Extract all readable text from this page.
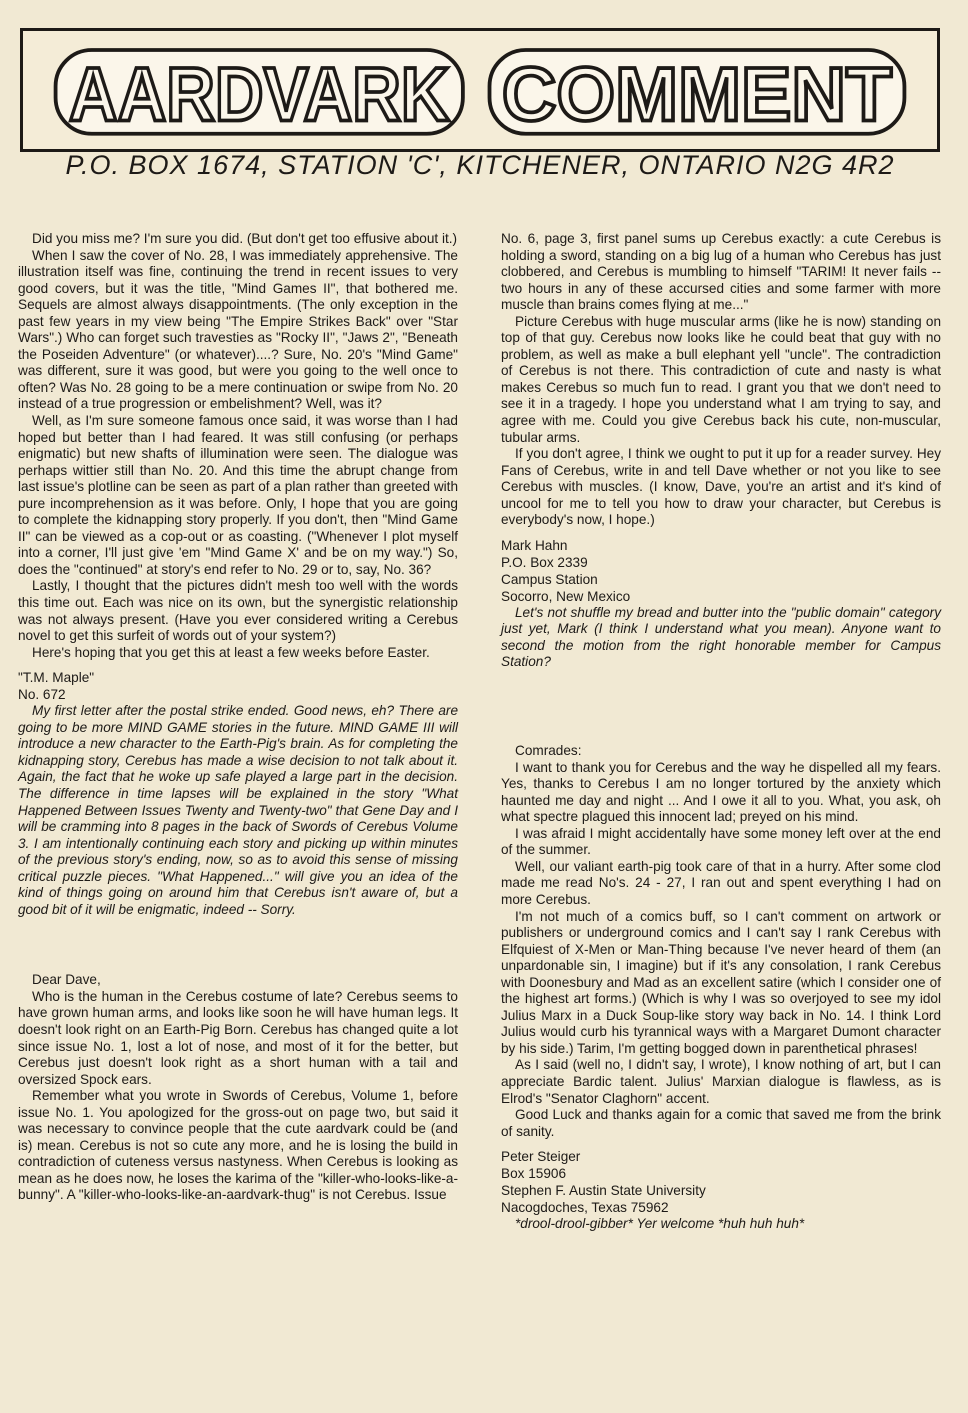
AARDVARK COMMENT
P.O. BOX 1674, STATION 'C', KITCHENER, ONTARIO N2G 4R2

Did you miss me? I'm sure you did. (But don't get too effusive about it.)

When I saw the cover of No. 28, I was immediately apprehensive. The illustration itself was fine, continuing the trend in recent issues to very good covers, but it was the title, "Mind Games II", that bothered me. Sequels are almost always disappointments. (The only exception in the past few years in my view being "The Empire Strikes Back" over "Star Wars".) Who can forget such travesties as "Rocky II", "Jaws 2", "Beneath the Poseiden Adventure" (or whatever)....? Sure, No. 20's "Mind Game" was different, sure it was good, but were you going to the well once to often? Was No. 28 going to be a mere continuation or swipe from No. 20 instead of a true progression or embelishment? Well, was it?

Well, as I'm sure someone famous once said, it was worse than I had hoped but better than I had feared. It was still confusing (or perhaps enigmatic) but new shafts of illumination were seen. The dialogue was perhaps wittier still than No. 20. And this time the abrupt change from last issue's plotline can be seen as part of a plan rather than greeted with pure incomprehension as it was before. Only, I hope that you are going to complete the kidnapping story properly. If you don't, then "Mind Game II" can be viewed as a cop-out or as coasting. ("Whenever I plot myself into a corner, I'll just give 'em "Mind Game X' and be on my way.") So, does the "continued" at story's end refer to No. 29 or to, say, No. 36?

Lastly, I thought that the pictures didn't mesh too well with the words this time out. Each was nice on its own, but the synergistic relationship was not always present. (Have you ever considered writing a Cerebus novel to get this surfeit of words out of your system?)

Here's hoping that you get this at least a few weeks before Easter.

"T.M. Maple"
No. 672

My first letter after the postal strike ended. Good news, eh? There are going to be more MIND GAME stories in the future. MIND GAME III will introduce a new character to the Earth-Pig's brain. As for completing the kidnapping story, Cerebus has made a wise decision to not talk about it. Again, the fact that he woke up safe played a large part in the decision. The difference in time lapses will be explained in the story "What Happened Between Issues Twenty and Twenty-two" that Gene Day and I will be cramming into 8 pages in the back of Swords of Cerebus Volume 3. I am intentionally continuing each story and picking up within minutes of the previous story's ending, now, so as to avoid this sense of missing critical puzzle pieces. "What Happened..." will give you an idea of the kind of things going on around him that Cerebus isn't aware of, but a good bit of it will be enigmatic, indeed -- Sorry.

Dear Dave,

Who is the human in the Cerebus costume of late? Cerebus seems to have grown human arms, and looks like soon he will have human legs. It doesn't look right on an Earth-Pig Born. Cerebus has changed quite a lot since issue No. 1, lost a lot of nose, and most of it for the better, but Cerebus just doesn't look right as a short human with a tail and oversized Spock ears.

Remember what you wrote in Swords of Cerebus, Volume 1, before issue No. 1. You apologized for the gross-out on page two, but said it was necessary to convince people that the cute aardvark could be (and is) mean. Cerebus is not so cute any more, and he is losing the build in contradiction of cuteness versus nastyness. When Cerebus is looking as mean as he does now, he loses the karima of the "killer-who-looks-like-a-bunny". A "killer-who-looks-like-an-aardvark-thug" is not Cerebus. Issue

No. 6, page 3, first panel sums up Cerebus exactly: a cute Cerebus is holding a sword, standing on a big lug of a human who Cerebus has just clobbered, and Cerebus is mumbling to himself "TARIM! It never fails -- two hours in any of these accursed cities and some farmer with more muscle than brains comes flying at me..."

Picture Cerebus with huge muscular arms (like he is now) standing on top of that guy. Cerebus now looks like he could beat that guy with no problem, as well as make a bull elephant yell "uncle". The contradiction of Cerebus is not there. This contradiction of cute and nasty is what makes Cerebus so much fun to read. I grant you that we don't need to see it in a tragedy. I hope you understand what I am trying to say, and agree with me. Could you give Cerebus back his cute, non-muscular, tubular arms.

If you don't agree, I think we ought to put it up for a reader survey. Hey Fans of Cerebus, write in and tell Dave whether or not you like to see Cerebus with muscles. (I know, Dave, you're an artist and it's kind of uncool for me to tell you how to draw your character, but Cerebus is everybody's now, I hope.)

Mark Hahn
P.O. Box 2339
Campus Station
Socorro, New Mexico

Let's not shuffle my bread and butter into the "public domain" category just yet, Mark (I think I understand what you mean). Anyone want to second the motion from the right honorable member for Campus Station?

Comrades:

I want to thank you for Cerebus and the way he dispelled all my fears. Yes, thanks to Cerebus I am no longer tortured by the anxiety which haunted me day and night ... And I owe it all to you. What, you ask, oh what spectre plagued this innocent lad; preyed on his mind.

I was afraid I might accidentally have some money left over at the end of the summer.

Well, our valiant earth-pig took care of that in a hurry. After some clod made me read No's. 24 - 27, I ran out and spent everything I had on more Cerebus.

I'm not much of a comics buff, so I can't comment on artwork or publishers or underground comics and I can't say I rank Cerebus with Elfquiest of X-Men or Man-Thing because I've never heard of them (an unpardonable sin, I imagine) but if it's any consolation, I rank Cerebus with Doonesbury and Mad as an excellent satire (which I consider one of the highest art forms.) (Which is why I was so overjoyed to see my idol Julius Marx in a Duck Soup-like story way back in No. 14. I think Lord Julius would curb his tyrannical ways with a Margaret Dumont character by his side.) Tarim, I'm getting bogged down in parenthetical phrases!

As I said (well no, I didn't say, I wrote), I know nothing of art, but I can appreciate Bardic talent. Julius' Marxian dialogue is flawless, as is Elrod's "Senator Claghorn" accent.

Good Luck and thanks again for a comic that saved me from the brink of sanity.

Peter Steiger
Box 15906
Stephen F. Austin State University
Nacogdoches, Texas 75962

*drool-drool-gibber* Yer welcome *huh huh huh*
